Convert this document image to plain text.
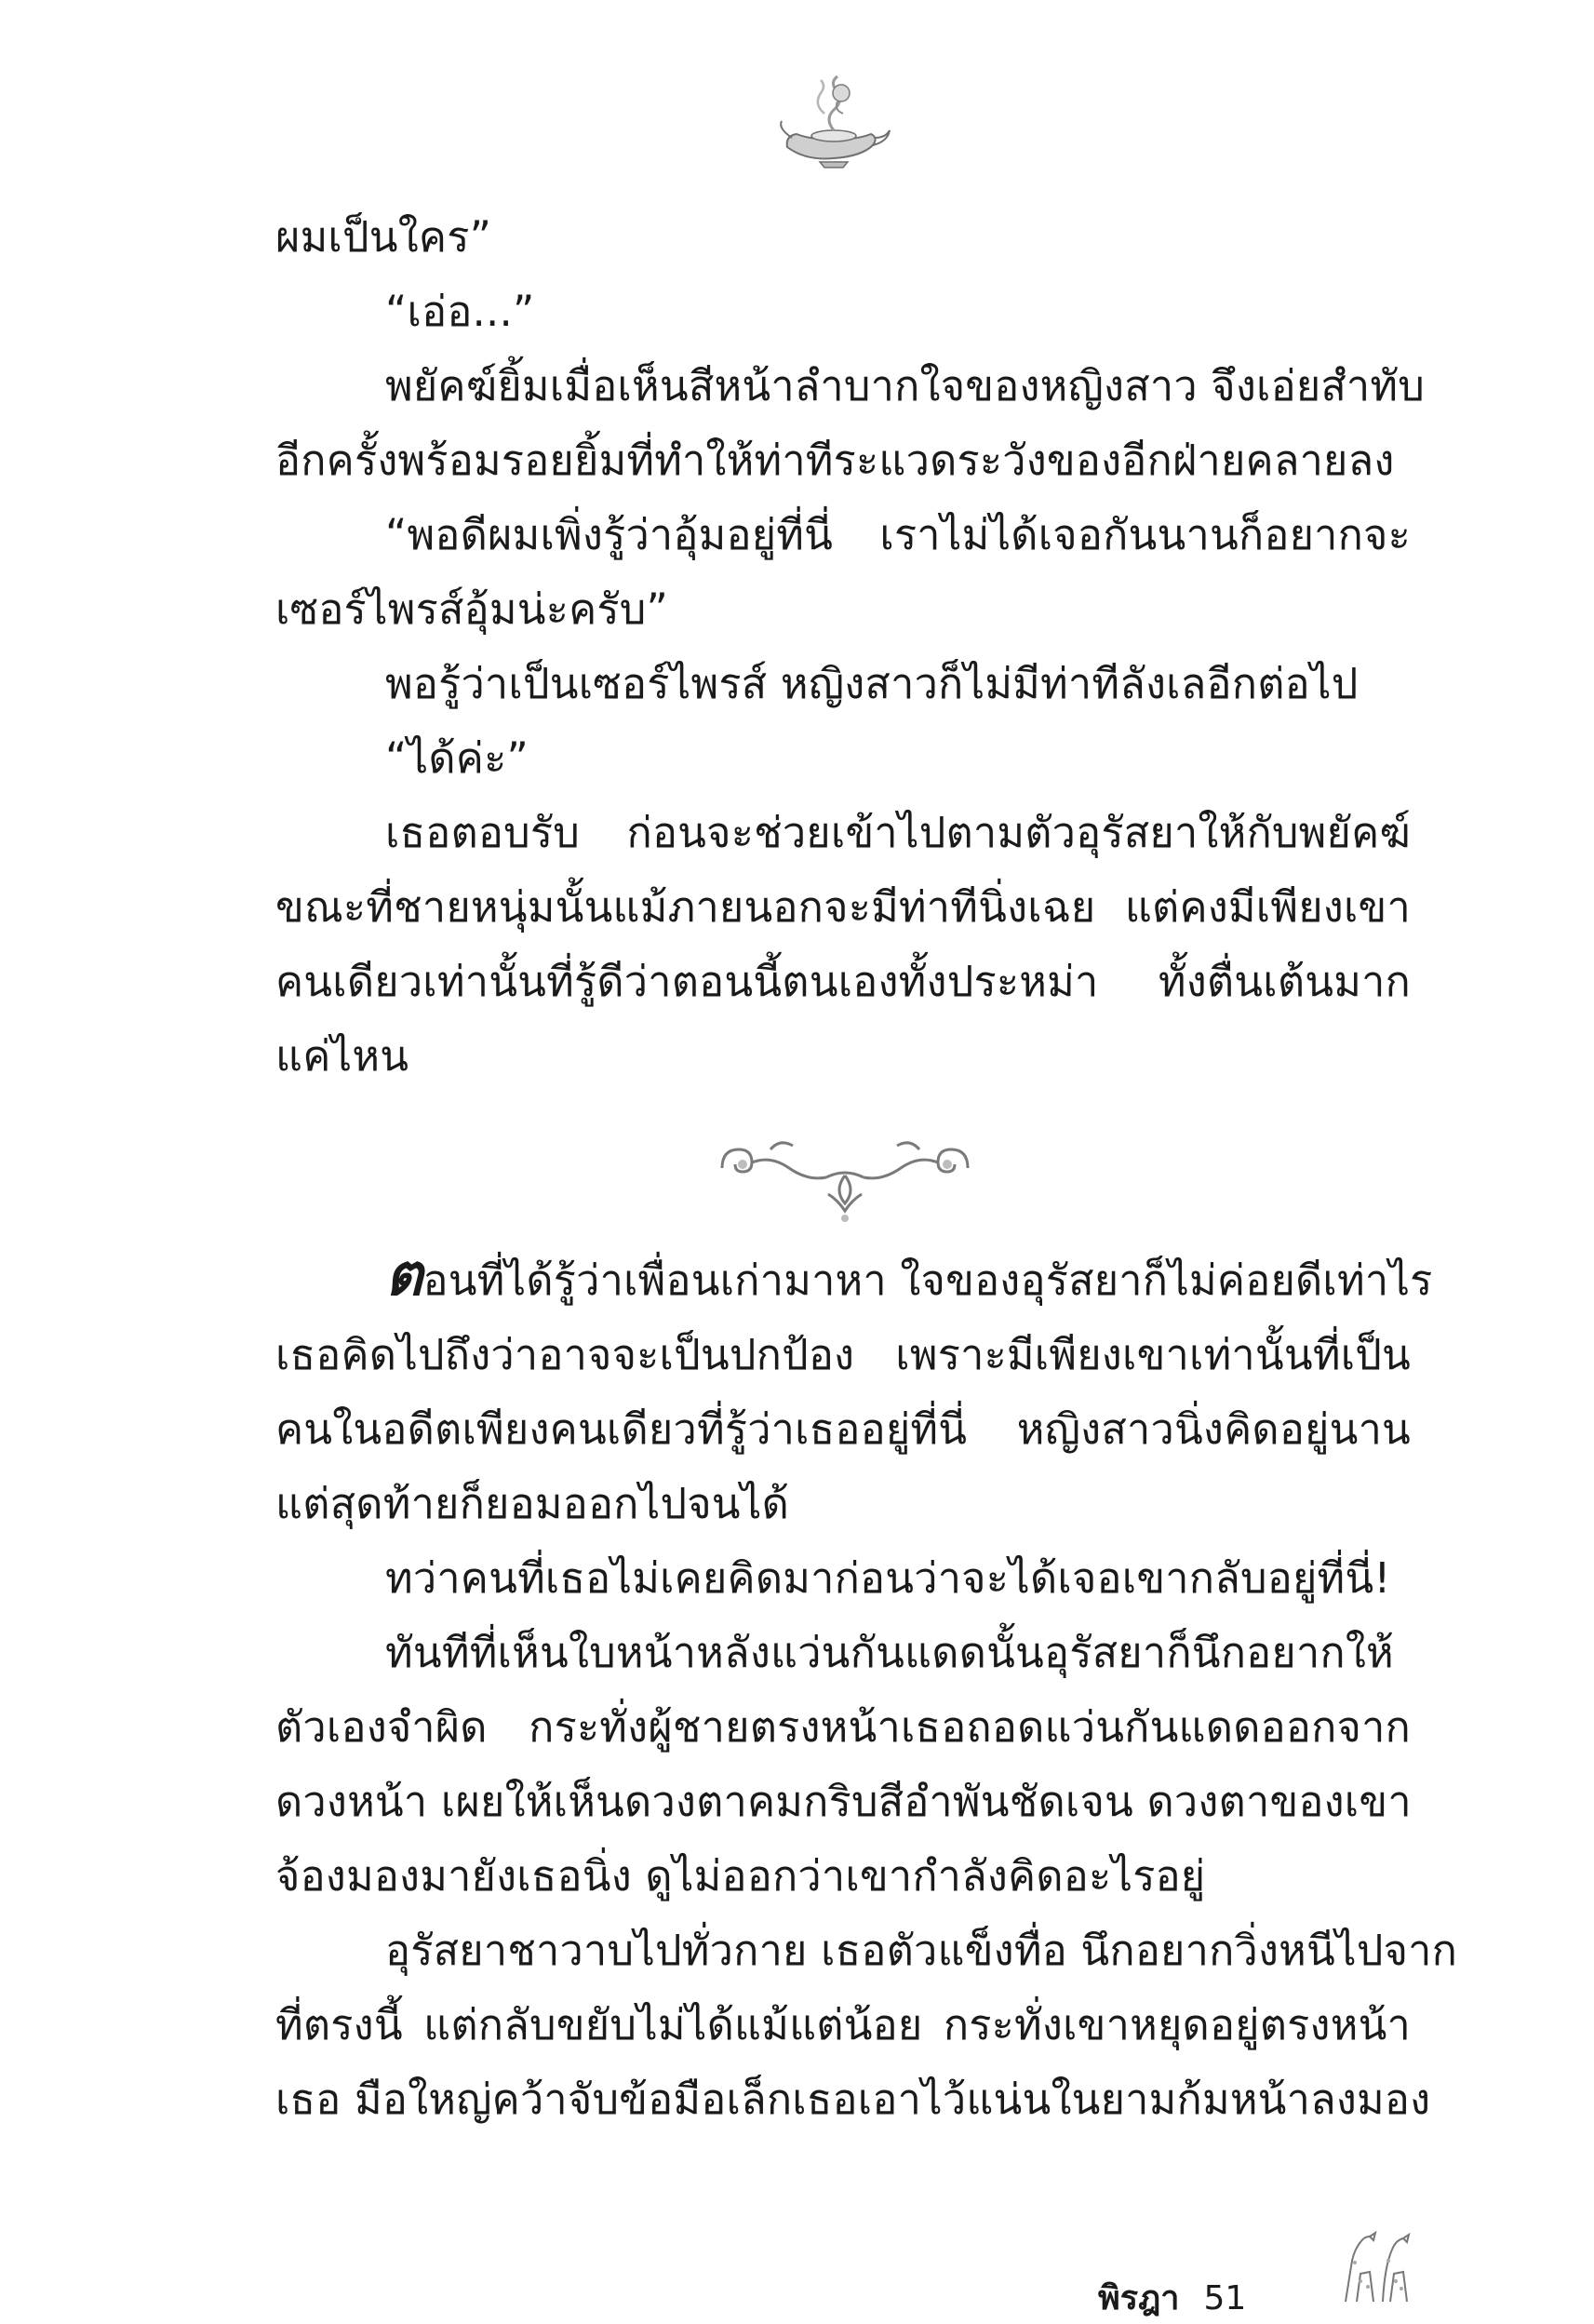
ผมเป็นใคร”
“เอ่อ...”
พยัคฆ์ยิ้มเมื่อเห็นสีหน้าลำบากใจของหญิงสาว จึงเอ่ยสำทับ
อีกครั้งพร้อมรอยยิ้มที่ทำให้ท่าทีระแวดระวังของอีกฝ่ายคลายลง
“พอดีผมเพิ่งรู้ว่าอุ้มอยู่ที่นี่ เราไม่ได้เจอกันนานก็อยากจะ
เซอร์ไพรส์อุ้มน่ะครับ”
พอรู้ว่าเป็นเซอร์ไพรส์ หญิงสาวก็ไม่มีท่าทีลังเลอีกต่อไป
“ได้ค่ะ”
เธอตอบรับ ก่อนจะช่วยเข้าไปตามตัวอุรัสยาให้กับพยัคฆ์
ขณะที่ชายหนุ่มนั้นแม้ภายนอกจะมีท่าทีนิ่งเฉย แต่คงมีเพียงเขา
คนเดียวเท่านั้นที่รู้ดีว่าตอนนี้ตนเองทั้งประหม่า ทั้งตื่นเต้นมาก
แค่ไหน
ตอนที่ได้รู้ว่าเพื่อนเก่ามาหา ใจของอุรัสยาก็ไม่ค่อยดีเท่าไร
เธอคิดไปถึงว่าอาจจะเป็นปกป้อง เพราะมีเพียงเขาเท่านั้นที่เป็น
คนในอดีตเพียงคนเดียวที่รู้ว่าเธออยู่ที่นี่ หญิงสาวนิ่งคิดอยู่นาน
แต่สุดท้ายก็ยอมออกไปจนได้
ทว่าคนที่เธอไม่เคยคิดมาก่อนว่าจะได้เจอเขากลับอยู่ที่นี่!
ทันทีที่เห็นใบหน้าหลังแว่นกันแดดนั้นอุรัสยาก็นึกอยากให้
ตัวเองจำผิด กระทั่งผู้ชายตรงหน้าเธอถอดแว่นกันแดดออกจาก
ดวงหน้า เผยให้เห็นดวงตาคมกริบสีอำพันชัดเจน ดวงตาของเขา
จ้องมองมายังเธอนิ่ง ดูไม่ออกว่าเขากำลังคิดอะไรอยู่
อุรัสยาชาวาบไปทั่วกาย เธอตัวแข็งทื่อ นึกอยากวิ่งหนีไปจาก
ที่ตรงนี้ แต่กลับขยับไม่ได้แม้แต่น้อย กระทั่งเขาหยุดอยู่ตรงหน้า
เธอ มือใหญ่คว้าจับข้อมือเล็กเธอเอาไว้แน่นในยามก้มหน้าลงมอง
พิรฎา 51
